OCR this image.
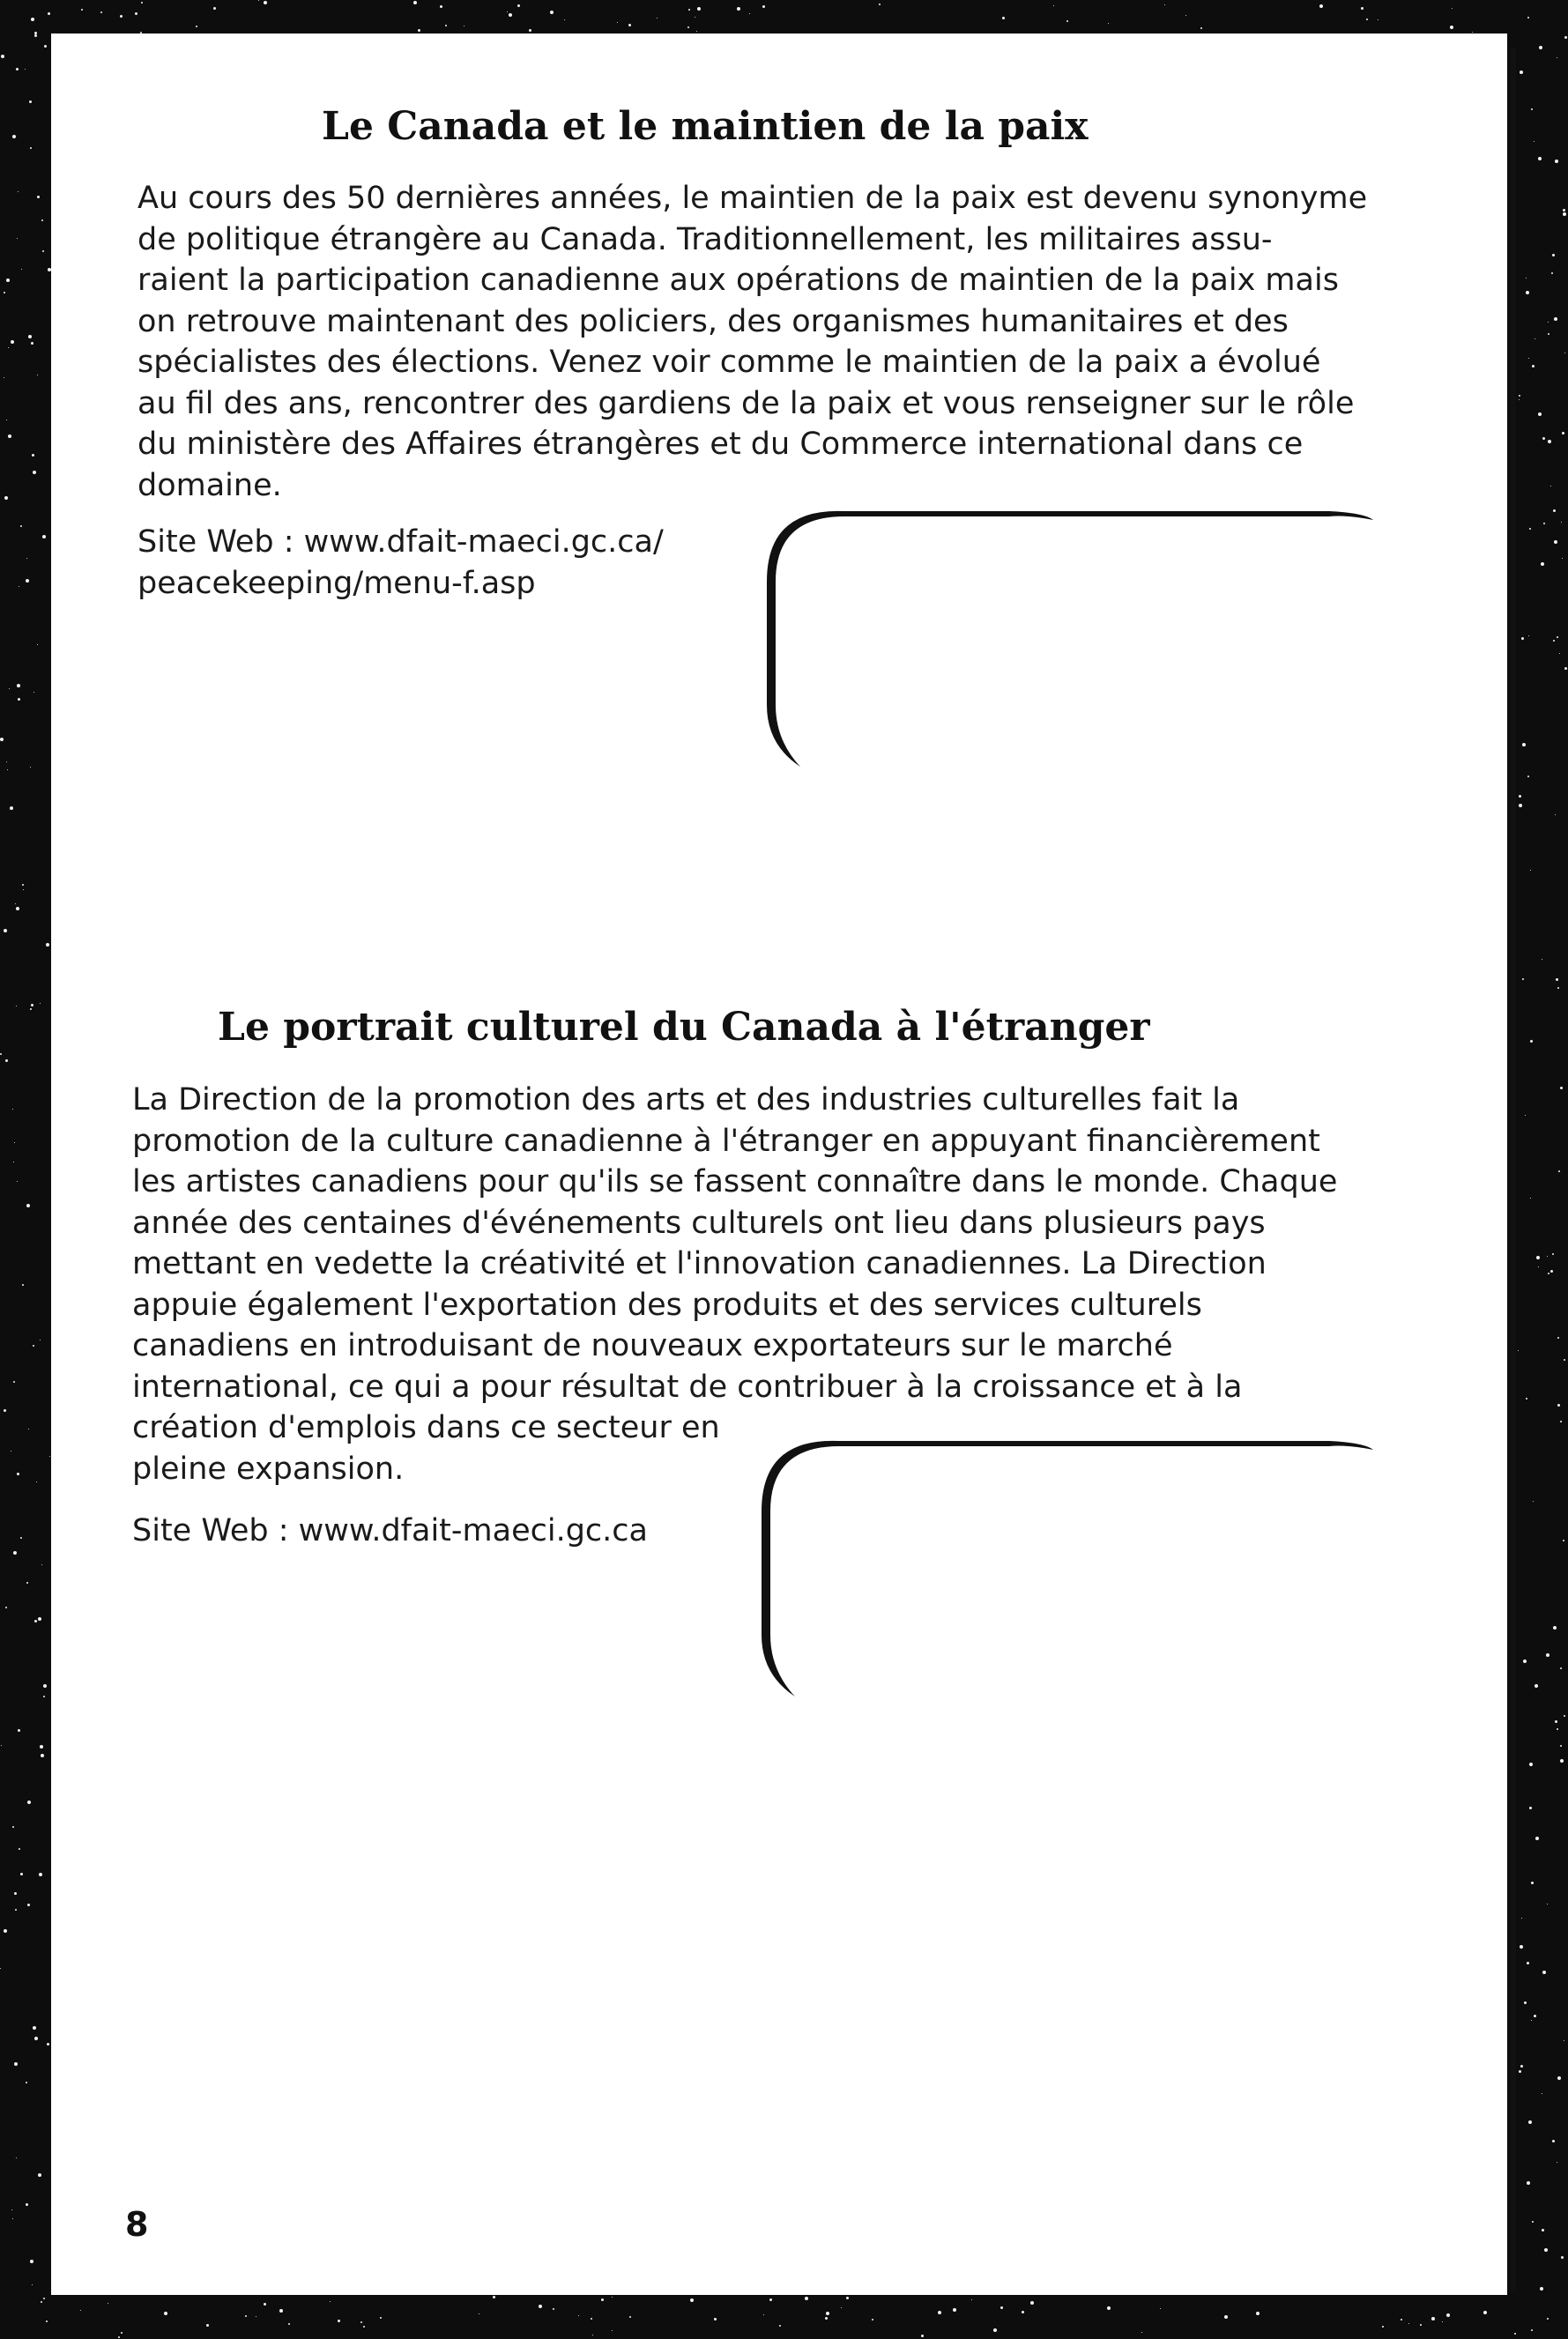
Le Canada et le maintien de la paix
Au cours des 50 dernières années, le maintien de la paix est devenu synonyme
de politique étrangère au Canada. Traditionnellement, les militaires assu-
raient la participation canadienne aux opérations de maintien de la paix mais
on retrouve maintenant des policiers, des organismes humanitaires et des
spécialistes des élections. Venez voir comme le maintien de la paix a évolué
au fil des ans, rencontrer des gardiens de la paix et vous renseigner sur le rôle
du ministère des Affaires étrangères et du Commerce international dans ce
domaine.
Site Web : www.dfait-maeci.gc.ca/
peacekeeping/menu-f.asp
Le portrait culturel du Canada à l'étranger
La Direction de la promotion des arts et des industries culturelles fait la
promotion de la culture canadienne à l'étranger en appuyant financièrement
les artistes canadiens pour qu'ils se fassent connaître dans le monde. Chaque
année des centaines d'événements culturels ont lieu dans plusieurs pays
mettant en vedette la créativité et l'innovation canadiennes. La Direction
appuie également l'exportation des produits et des services culturels
canadiens en introduisant de nouveaux exportateurs sur le marché
international, ce qui a pour résultat de contribuer à la croissance et à la
création d'emplois dans ce secteur en
pleine expansion.
Site Web : www.dfait-maeci.gc.ca
8
